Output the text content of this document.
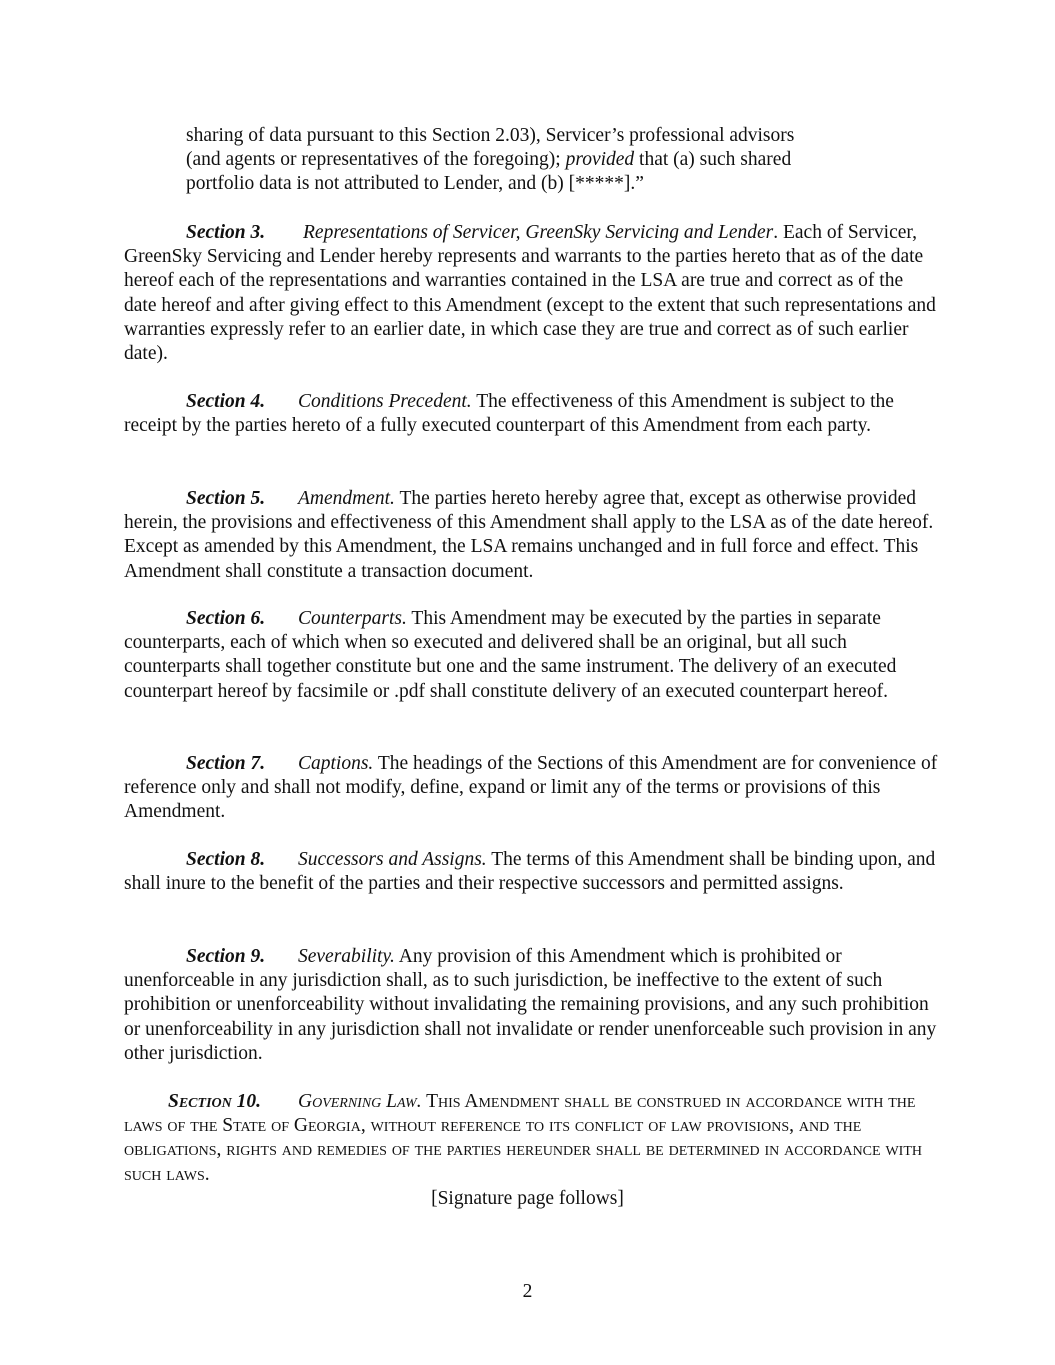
sharing of data pursuant to this Section 2.03), Servicer’s professional advisors
(and agents or representatives of the foregoing); provided that (a) such shared
portfolio data is not attributed to Lender, and (b) [*****].”

Section 3. Representations of Servicer, GreenSky Servicing and Lender. Each of Servicer, GreenSky Servicing and Lender hereby represents and warrants to the parties hereto that as of the date hereof each of the representations and warranties contained in the LSA are true and correct as of the date hereof and after giving effect to this Amendment (except to the extent that such representations and warranties expressly refer to an earlier date, in which case they are true and correct as of such earlier date).

Section 4. Conditions Precedent. The effectiveness of this Amendment is subject to the receipt by the parties hereto of a fully executed counterpart of this Amendment from each party.

Section 5. Amendment. The parties hereto hereby agree that, except as otherwise provided herein, the provisions and effectiveness of this Amendment shall apply to the LSA as of the date hereof. Except as amended by this Amendment, the LSA remains unchanged and in full force and effect. This Amendment shall constitute a transaction document.

Section 6. Counterparts. This Amendment may be executed by the parties in separate counterparts, each of which when so executed and delivered shall be an original, but all such counterparts shall together constitute but one and the same instrument. The delivery of an executed counterpart hereof by facsimile or .pdf shall constitute delivery of an executed counterpart hereof.

Section 7. Captions. The headings of the Sections of this Amendment are for convenience of reference only and shall not modify, define, expand or limit any of the terms or provisions of this Amendment.

Section 8. Successors and Assigns. The terms of this Amendment shall be binding upon, and shall inure to the benefit of the parties and their respective successors and permitted assigns.

Section 9. Severability. Any provision of this Amendment which is prohibited or unenforceable in any jurisdiction shall, as to such jurisdiction, be ineffective to the extent of such prohibition or unenforceability without invalidating the remaining provisions, and any such prohibition or unenforceability in any jurisdiction shall not invalidate or render unenforceable such provision in any other jurisdiction.

Section 10. Governing Law. This Amendment shall be construed in accordance with the laws of the State of Georgia, without reference to its conflict of law provisions, and the obligations, rights and remedies of the parties hereunder shall be determined in accordance with such laws.

[Signature page follows]

2
